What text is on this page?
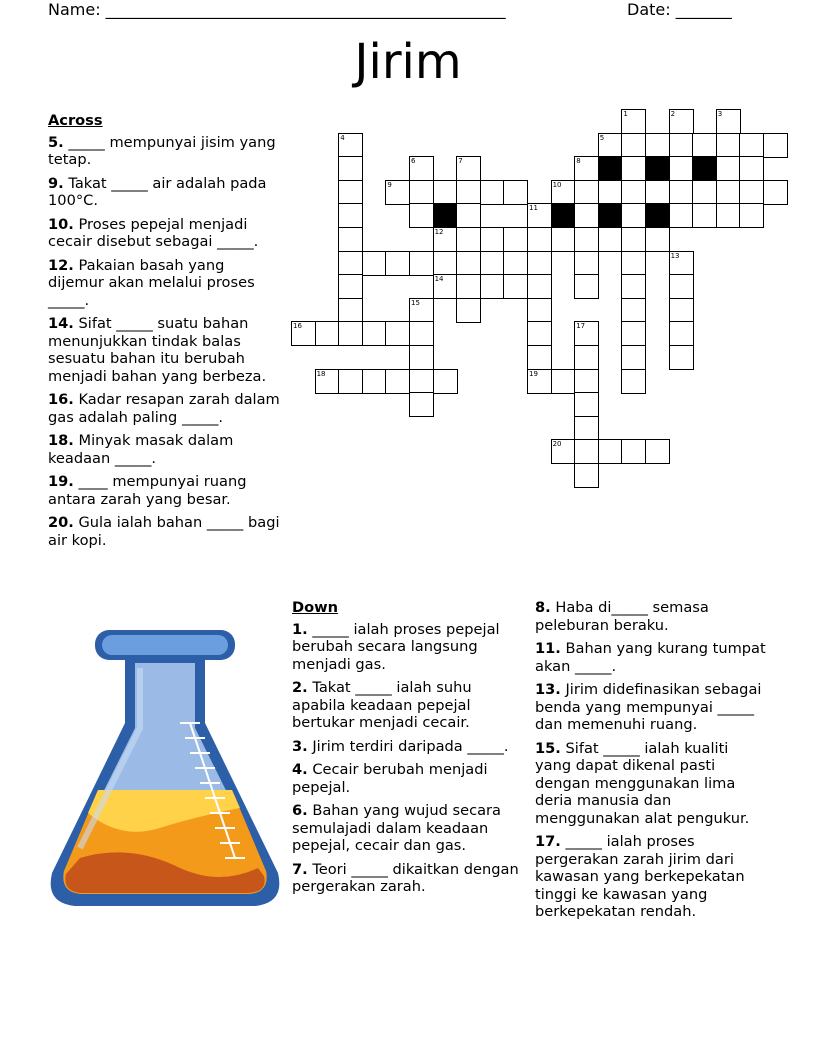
Name: __________________________________________________	Date: _______
Jirim
Across
5. _____ mempunyai jisim yang tetap.
9. Takat _____ air adalah pada 100°C.
10. Proses pepejal menjadi cecair disebut sebagai _____.
12. Pakaian basah yang dijemur akan melalui proses _____.
14. Sifat _____ suatu bahan menunjukkan tindak balas sesuatu bahan itu berubah menjadi bahan yang berbeza.
16. Kadar resapan zarah dalam gas adalah paling _____.
18. Minyak masak dalam keadaan _____.
19. ____ mempunyai ruang antara zarah yang besar.
20. Gula ialah bahan _____ bagi air kopi.
Down
1. _____ ialah proses pepejal berubah secara langsung menjadi gas.
2. Takat _____ ialah suhu apabila keadaan pepejal bertukar menjadi cecair.
3. Jirim terdiri daripada _____.
4. Cecair berubah menjadi pepejal.
6. Bahan yang wujud secara semulajadi dalam keadaan pepejal, cecair dan gas.
7. Teori _____ dikaitkan dengan pergerakan zarah.
8. Haba di_____ semasa peleburan beraku.
11. Bahan yang kurang tumpat akan _____.
13. Jirim didefinasikan sebagai benda yang mempunyai _____ dan memenuhi ruang.
15. Sifat _____ ialah kualiti yang dapat dikenal pasti dengan menggunakan lima deria manusia dan menggunakan alat pengukur.
17. _____ ialah proses pergerakan zarah jirim dari kawasan yang berkepekatan tinggi ke kawasan yang berkepekatan rendah.
1	2	3
4	5
6	7	8
9	10
11
12
13
14
15
16	17
18	19
20
